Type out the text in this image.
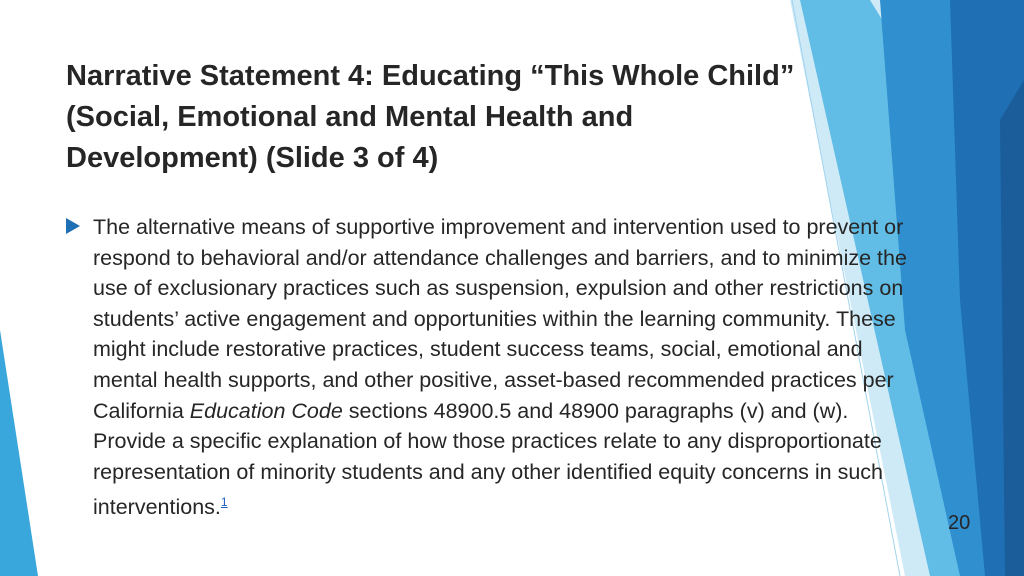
Narrative Statement 4: Educating “This Whole Child” (Social, Emotional and Mental Health and Development) (Slide 3 of 4)
The alternative means of supportive improvement and intervention used to prevent or respond to behavioral and/or attendance challenges and barriers, and to minimize the use of exclusionary practices such as suspension, expulsion and other restrictions on students’ active engagement and opportunities within the learning community. These might include restorative practices, student success teams, social, emotional and mental health supports, and other positive, asset-based recommended practices per California Education Code sections 48900.5 and 48900 paragraphs (v) and (w). Provide a specific explanation of how those practices relate to any disproportionate representation of minority students and any other identified equity concerns in such interventions.$^1$
20
